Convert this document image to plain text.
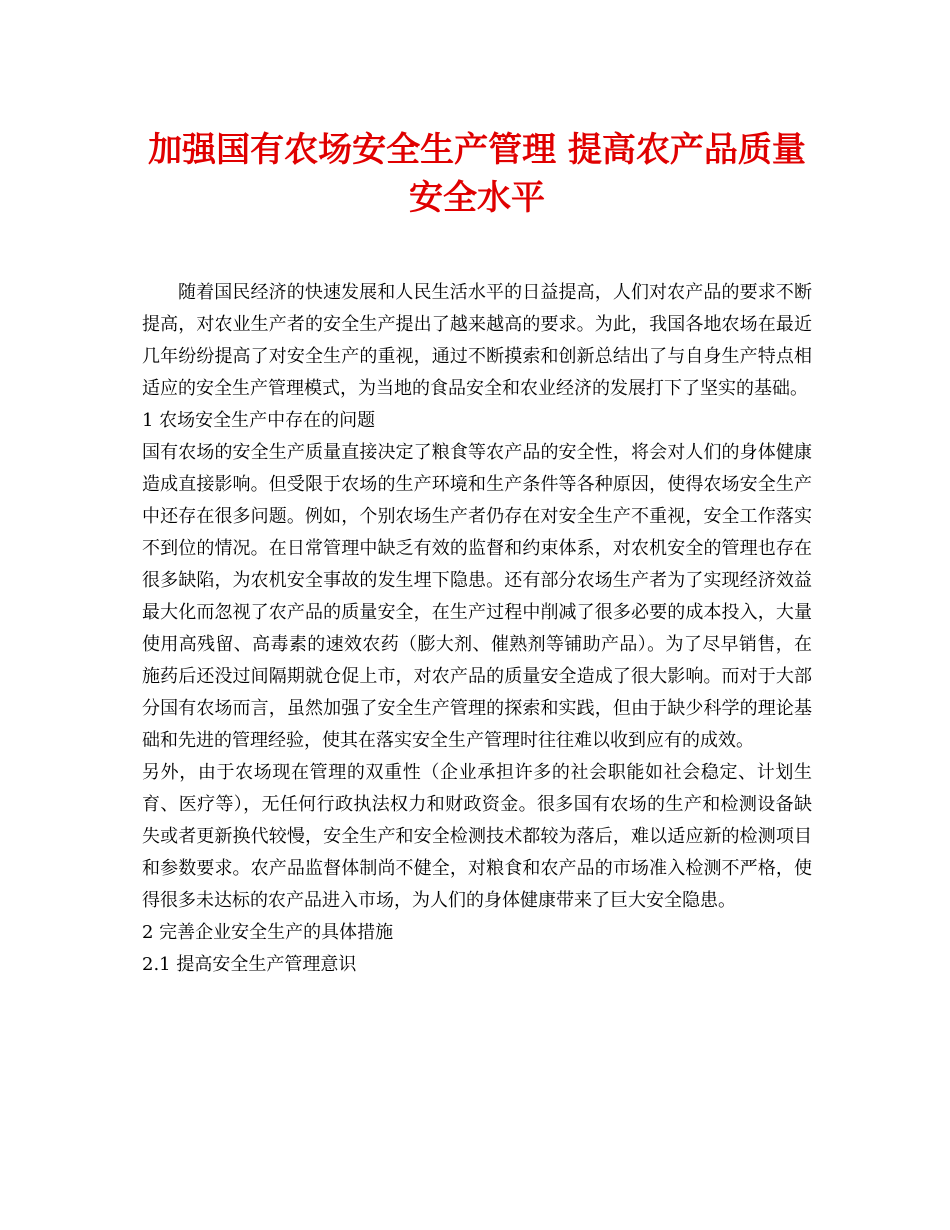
加强国有农场安全生产管理 提高农产品质量
安全水平

随着国民经济的快速发展和人民生活水平的日益提高，人们对农产品的要求不断提高，对农业生产者的安全生产提出了越来越高的要求。为此，我国各地农场在最近几年纷纷提高了对安全生产的重视，通过不断摸索和创新总结出了与自身生产特点相适应的安全生产管理模式，为当地的食品安全和农业经济的发展打下了坚实的基础。

1 农场安全生产中存在的问题

国有农场的安全生产质量直接决定了粮食等农产品的安全性，将会对人们的身体健康造成直接影响。但受限于农场的生产环境和生产条件等各种原因，使得农场安全生产中还存在很多问题。例如，个别农场生产者仍存在对安全生产不重视，安全工作落实不到位的情况。在日常管理中缺乏有效的监督和约束体系，对农机安全的管理也存在很多缺陷，为农机安全事故的发生埋下隐患。还有部分农场生产者为了实现经济效益最大化而忽视了农产品的质量安全，在生产过程中削减了很多必要的成本投入，大量使用高残留、高毒素的速效农药（膨大剂、催熟剂等铺助产品）。为了尽早销售，在施药后还没过间隔期就仓促上市，对农产品的质量安全造成了很大影响。而对于大部分国有农场而言，虽然加强了安全生产管理的探索和实践，但由于缺少科学的理论基础和先进的管理经验，使其在落实安全生产管理时往往难以收到应有的成效。

另外，由于农场现在管理的双重性（企业承担许多的社会职能如社会稳定、计划生育、医疗等），无任何行政执法权力和财政资金。很多国有农场的生产和检测设备缺失或者更新换代较慢，安全生产和安全检测技术都较为落后，难以适应新的检测项目和参数要求。农产品监督体制尚不健全，对粮食和农产品的市场准入检测不严格，使得很多未达标的农产品进入市场，为人们的身体健康带来了巨大安全隐患。

2 完善企业安全生产的具体措施

2.1 提高安全生产管理意识
